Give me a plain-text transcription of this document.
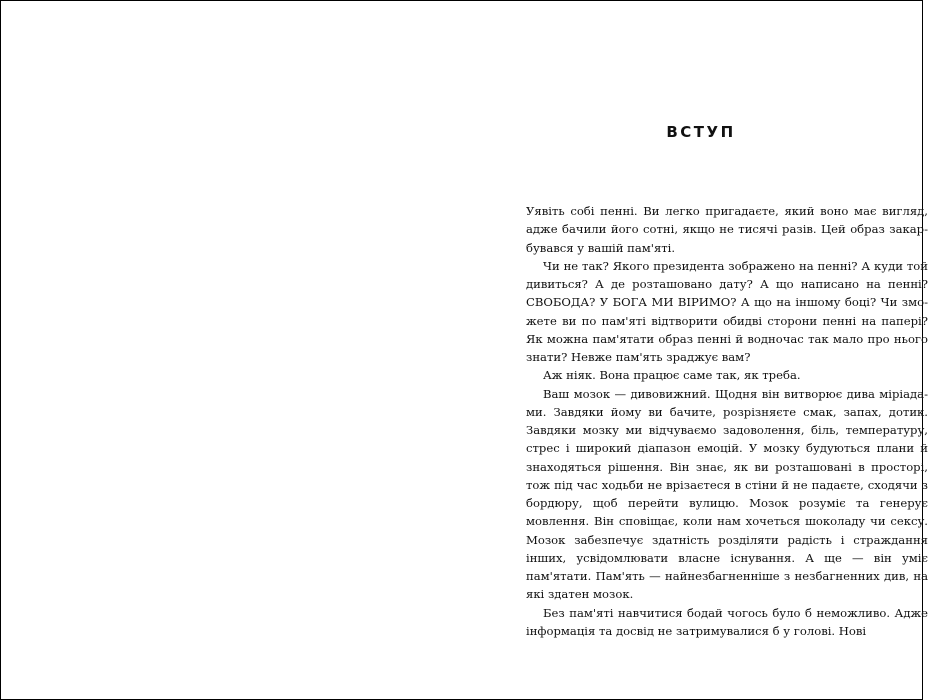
ВСТУП

Уявіть собі пенні. Ви легко пригадаєте, який воно має вигляд, адже бачили його сотні, якщо не тисячі разів. Цей образ закарбувався у вашій пам'яті.

Чи не так? Якого президента зображено на пенні? А куди той дивиться? А де розташовано дату? А що написано на пенні? СВОБОДА? У БОГА МИ ВІРИМО? А що на іншому боці? Чи зможете ви по пам'яті відтворити обидві сторони пенні на папері? Як можна пам'ятати образ пенні й водночас так мало про нього знати? Невже пам'ять зраджує вам?

Аж ніяк. Вона працює саме так, як треба.

Ваш мозок — дивовижний. Щодня він витворює дива міріадами. Завдяки йому ви бачите, розрізняєте смак, запах, дотик. Завдяки мозку ми відчуваємо задоволення, біль, температуру, стрес і широкий діапазон емоцій. У мозку будуються плани й знаходяться рішення. Він знає, як ви розташовані в просторі, тож під час ходьби не врізаєтеся в стіни й не падаєте, сходячи з бордюру, щоб перейти вулицю. Мозок розуміє та генерує мовлення. Він сповіщає, коли нам хочеться шоколаду чи сексу. Мозок забезпечує здатність розділяти радість і страждання інших, усвідомлювати власне існування. А ще — він уміє пам'ятати. Пам'ять — найнезбагненніше з незбагненних див, на які здатен мозок.

Без пам'яті навчитися бодай чогось було б неможливо. Адже інформація та досвід не затримувалися б у голові. Нові
